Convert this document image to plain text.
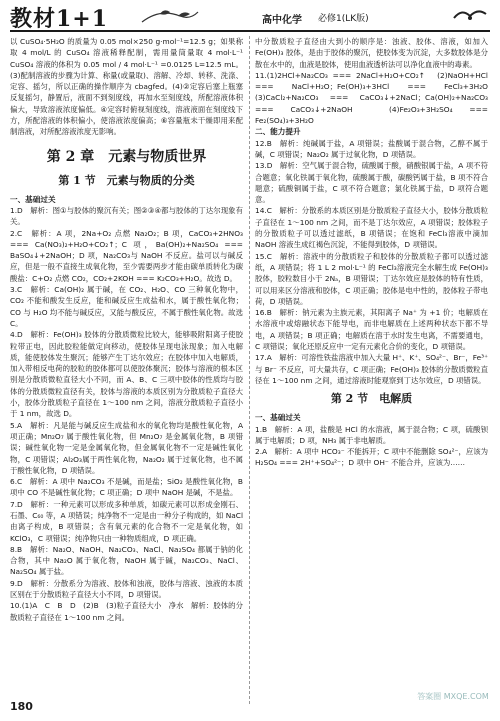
教材1+1	高中化学 必修1(LK版)

以 CuSO₄·5H₂O 的质量为 0.05 mol×250 g·mol⁻¹=12.5 g；如果称取 4 mol/L 的 CuSO₄ 溶液稀释配制，需用量筒量取 4 mol·L⁻¹ CuSO₄ 溶液的体积为 0.05 mol / 4 mol·L⁻¹ =0.0125 L=12.5 mL。(3)配制溶液的步骤为计算、称量(或量取)、溶解、冷却、转移、洗涤、定容、摇匀，所以正确的操作顺序为 cbagfed。(4)②定容后塞上瓶塞反复摇匀，静置后，液面不到刻度线，再加水至刻度线，所配溶液体积偏大，导致溶液浓度偏低。④定容时俯视刻度线，溶液液面在刻度线下方，所配溶液的体积偏小，使溶液浓度偏高；⑥容量瓶未干燥即用来配制溶液，对所配溶液浓度无影响。

第 2 章　元素与物质世界
第 1 节　元素与物质的分类

一、基础过关

1.D　解析：图①与胶体的聚沉有关；图②③④都与胶体的丁达尔现象有关。

2.C　解析：A 项，2Na+O₂ 点燃 Na₂O₂；B 项，CaCO₃+2HNO₃ === Ca(NO₃)₂+H₂O+CO₂↑；C 项，Ba(OH)₂+Na₂SO₄ === BaSO₄↓+2NaOH；D 项，Na₂CO₃与 NaOH 不反应。盐可以与碱反应，但是一般不直接生成氧化物，至少需要两步才能由碳单质转化为碳酸盐：C+O₂ 点燃 CO₂，CO₂+2KOH === K₂CO₃+H₂O。故选 D。

3.C　解析：Ca(OH)₂ 属于碱，在 CO₂、H₂O、CO 三种氧化物中，CO₂ 不能和酸发生反应，能和碱反应生成盐和水，属于酸性氧化物；CO 与 H₂O 均不能与碱反应，又能与酸反应，不属于酸性氧化物。故选 C。

4.D　解析：Fe(OH)₃ 胶体的分散质微粒比较大，能够吸附阳离子使胶粒带正电，因此胶粒能做定向移动，使胶体呈现电泳现象；加入电解质，能使胶体发生聚沉；能够产生丁达尔效应；在胶体中加入电解质，加入带相反电荷的胶粒的胶体都可以使胶体聚沉；胶体与溶液的根本区别是分散质微粒直径大小不同，而 A、B、C 三项中胶体的性质均与胶体的分散质微粒直径有关，胶体与溶液的本质区别为分散质粒子直径大小，胶体分散质粒子直径在 1～100 nm 之间，溶液分散质粒子直径小于 1 nm，故选 D。

5.A　解析：凡是能与碱反应生成盐和水的氧化物均是酸性氧化物，A 项正确；Mn₂O₇ 属于酸性氧化物，但 Mn₂O₇ 是金属氧化物，B 项错误；碱性氧化物一定是金属氧化物，但金属氧化物不一定是碱性氧化物，C 项错误；Al₂O₃属于两性氧化物，Na₂O₂ 属于过氧化物，也不属于酸性氧化物，D 项错误。

6.C　解析：A 项中 Na₂CO₃ 不是碱，而是盐；SiO₂ 是酸性氧化物，B 项中 CO 不是碱性氧化物；C 项正确；D 项中 NaOH 是碱，不是盐。

7.D　解析：一种元素可以形成多种单质，如碳元素可以形成金刚石、石墨、C₆₀ 等，A 项错误；纯净物不一定是由一种分子构成的，如 NaCl 由离子构成，B 项错误；含有氧元素的化合物不一定是氧化物，如 KClO₃，C 项错误；纯净物只由一种物质组成，D 项正确。

8.B　解析：Na₂O、NaOH、Na₂CO₃、NaCl、Na₂SO₄ 都属于钠的化合物，其中 Na₂O 属于氧化物，NaOH 属于碱，Na₂CO₃、NaCl、Na₂SO₄ 属于盐。

9.D　解析：分散系分为溶液、胶体和浊液，胶体与溶液、浊液的本质区别在于分散质粒子直径大小不同，D 项错误。

10.(1)A　C　B　D　(2)B　(3)粒子直径大小　净水　解析：胶体的分散质粒子直径在 1～100 nm 之间。

中分散质粒子直径由大到小的顺序是：浊液、胶体、溶液，如加入 Fe(OH)₃ 胶体，是由于胶体的聚沉，使胶体变为沉淀，大多数胶体是分散在水中的，血液是胶体，使用血液透析法可以净化血液中的毒素。

11.(1)2HCl+Na₂CO₃ === 2NaCl+H₂O+CO₂↑　(2)NaOH+HCl === NaCl+H₂O；Fe(OH)₃+3HCl === FeCl₃+3H₂O　(3)CaCl₂+Na₂CO₃ === CaCO₃↓+2NaCl；Ca(OH)₂+Na₂CO₃ === CaCO₃↓+2NaOH　(4)Fe₂O₃+3H₂SO₄ === Fe₂(SO₄)₃+3H₂O

二、能力提升

12.B　解析：纯碱属于盐，A 项错误；盐酸属于混合物，乙醇不属于碱，C 项错误；Na₂O₂ 属于过氧化物，D 项错误。

13.D　解析：空气属于混合物，硫酸属于酸，硝酸银属于盐，A 项不符合题意；氧化铁属于氧化物，硫酸属于酸，碳酸钙属于盐，B 项不符合题意；硫酸铜属于盐，C 项不符合题意；氯化铁属于盐，D 项符合题意。

14.C　解析：分散系的本质区别是分散质粒子直径大小，胶体分散质粒子直径在 1～100 nm 之间，而不是丁达尔效应，A 项错误；胶体粒子的分散质粒子可以透过滤纸，B 项错误；在饱和 FeCl₃溶液中滴加 NaOH 溶液生成红褐色沉淀，不能得到胶体，D 项错误。

15.C　解析：溶液中的分散质粒子和胶体的分散质粒子都可以透过滤纸，A 项错误；将 1 L 2 mol·L⁻¹ 的 FeCl₃溶液完全水解生成 Fe(OH)₃ 胶体，胶粒数目小于 2Nₐ，B 项错误；丁达尔效应是胶体的特有性质，可以用来区分溶液和胶体，C 项正确；胶体是电中性的，胶体粒子带电荷，D 项错误。

16.B　解析：钠元素为主族元素，其阳离子 Na⁺ 为 +1 价；电解质在水溶液中或熔融状态下能导电，而非电解质在上述两种状态下都不导电，A 项错误；B 项正确；电解质在溶于水时发生电离，不需要通电，C 项错误；氧化还原反应中一定有元素化合价的变化，D 项错误。

17.A　解析：可溶性铁盐溶液中加入大量 H⁺、K⁺、SO₄²⁻、Br⁻，Fe³⁺ 与 Br⁻ 不反应，可大量共存，C 项正确；Fe(OH)₃ 胶体的分散质微粒直径在 1～100 nm 之间，通过溶液时能观察到丁达尔效应，D 项错误。

第 2 节　电解质

一、基础过关

1.B　解析：A 项，盐酸是 HCl 的水溶液，属于混合物；C 项，硫酸钡属于电解质；D 项，NH₃ 属于非电解质。

2.A　解析：A 项中 HCO₃⁻ 不能拆开；C 项中不能删除 SO₄²⁻，应该为 H₂SO₄ === 2H⁺+SO₄²⁻；D 项中 OH⁻ 不能合并，应该为……

180
答案圈 MXQE.COM
